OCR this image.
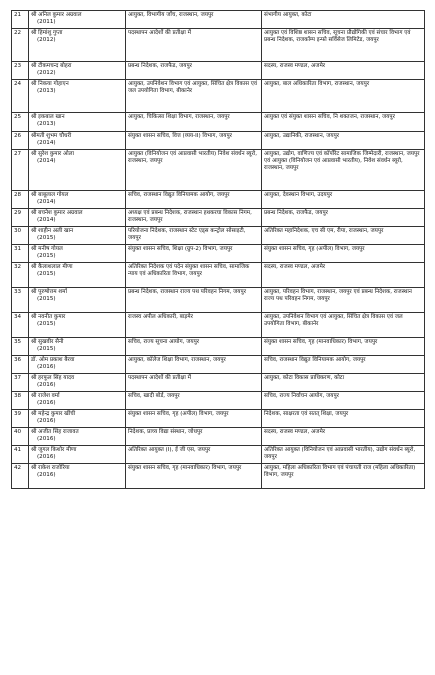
21	श्री अनिल कुमार अग्रवाल
(2011)	आयुक्त, विभागीय जाँच, राजस्थान, जयपुर	संभागीय आयुक्त, कोटा
22	श्री हिमांशु गुप्ता
(2012)	पदस्थापन आदेशों की प्रतीक्षा में	आयुक्त एवं विशिष्ठ शासन सचिव, सूचना प्रौद्योगिकी एवं संचार विभाग एवं प्रबन्ध निदेशक, राजकॉम्प इन्फो सर्विसेज लिमिटेड, जयपुर
23	श्री टीकमचन्द बोहरा
(2012)	प्रबन्ध निदेशक, राजफैड, जयपुर	सदस्य, राजस्व मण्डल, अजमेर
24	श्री निकया गोहाएन
(2013)	आयुक्त, उपनिवेशन विभाग एवं आयुक्त, सिंचित क्षेत्र विकास एवं जल उपयोगिता विभाग, बीकानेर	आयुक्त, बाल अधिकारिता विभाग, राजस्थान, जयपुर
25	श्री इकबाल खान
(2013)	आयुक्त, चिकित्सा शिक्षा विभाग, राजस्थान, जयपुर	आयुक्त एवं संयुक्त शासन सचिव, नि शक्तजन, राजस्थान, जयपुर
26	श्रीमती शुभम चौधरी
(2014)	संयुक्त शासन सचिव, वित्त (व्यय-II) विभाग, जयपुर	आयुक्त, उद्यानिकी, राजस्थान, जयपुर
27	श्री सुरेश कुमार ओला
(2014)	आयुक्त (विनियोजन एवं आप्रवासी भारतीय) निवेश संवर्धन ब्यूरो, राजस्थान, जयपुर	आयुक्त, उद्योग, वाणिज्य एवं कॉर्पोरेट सामाजिक जिम्मेदारी, राजस्थान, जयपुर एवं आयुक्त (विनियोजन एवं आप्रवासी भारतीय), निवेश संवर्धन ब्यूरो, राजस्थान, जयपुर
28	श्री बाबूलाल गोयल
(2014)	सचिव, राजस्थान विद्युत विनियामक आयोग, जयपुर	आयुक्त, देवस्थान विभाग, उदयपुर
29	श्री बचनेश कुमार अग्रवाल
(2014)	अध्यक्ष एवं प्रबन्ध निदेशक, राजस्थान हथकरघा विकास निगम, राजस्थान, जयपुर	प्रबन्ध निदेशक, राजफैड, जयपुर
30	श्री शाहीन अली खान
(2015)	परियोजना निदेशक, राजस्थान स्टेट एड्स कन्ट्रोल सोसाइटी, जयपुर	अतिरिक्त महानिदेशक, एच सी एम, रीपा, राजस्थान, जयपुर
31	श्री मनीष गोयल
(2015)	संयुक्त शासन सचिव, शिक्षा (ग्रुप-2) विभाग, जयपुर	संयुक्त शासन सचिव, गृह (अपील) विभाग, जयपुर
32	श्री कैलाशलाल मीणा
(2015)	अतिरिक्त निदेशक एवं पदेन संयुक्त शासन सचिव, सामाजिक न्याय एवं अधिकारिता विभाग, जयपुर	सदस्य, राजस्व मण्डल, अजमेर
33	श्री पुरुषोत्तम शर्मा
(2015)	प्रबन्ध निदेशक, राजस्थान राज्य पथ परिवहन निगम, जयपुर	आयुक्त, परिवहन विभाग, राजस्थान, जयपुर एवं प्रबन्ध निदेशक, राजस्थान राज्य पथ परिवहन निगम, जयपुर
34	श्री नवनीत कुमार
(2015)	राजस्व अपील अधिकारी, बाड़मेर	आयुक्त, उपनिवेशन विभाग एवं आयुक्त, सिंचित क्षेत्र विकास एवं जल उपयोगिता विभाग, बीकानेर
35	श्री सुखवीर सैनी
(2015)	सचिव, राज्य सूचना आयोग, जयपुर	संयुक्त शासन सचिव, गृह (मानवाधिकार) विभाग, जयपुर
36	डॉ. ओम प्रकाश बैरवा
(2016)	आयुक्त, कॉलेज शिक्षा विभाग, राजस्थान, जयपुर	सचिव, राजस्थान विद्युत विनियामक आयोग, जयपुर
37	श्री हरफूल सिंह यादव
(2016)	पदस्थापन आदेशों की प्रतीक्षा में	आयुक्त, कोटा विकास प्राधिकरण, कोटा
38	श्री राजेश वर्मा
(2016)	सचिव, खादी बोर्ड, जयपुर	सचिव, राज्य निर्वाचन आयोग, जयपुर
39	श्री महेन्द्र कुमार खींची
(2016)	संयुक्त शासन सचिव, गृह (अपील) विभाग, जयपुर	निदेशक, साक्षरता एवं सतत् शिक्षा, जयपुर
40	श्री अजीत सिंह राजावत
(2016)	निदेशक, प्राच्य विद्या संस्थान, जोधपुर	सदस्य, राजस्व मण्डल, अजमेर
41	श्री जुगल किशोर मीणा
(2016)	अतिरिक्त आयुक्त (I), ई जी एस, जयपुर	अतिरिक्त आयुक्त (विनियोजन एवं आप्रवासी भारतीय), उद्योग संवर्धन ब्यूरो, जयपुर
42	श्री राकेश राजोरिया
(2016)	संयुक्त शासन सचिव, गृह (मानवाधिकार) विभाग, जयपुर	आयुक्त, महिला अधिकारिता विभाग एवं पंचायती राज (महिला अधिकारिता) विभाग, जयपुर
